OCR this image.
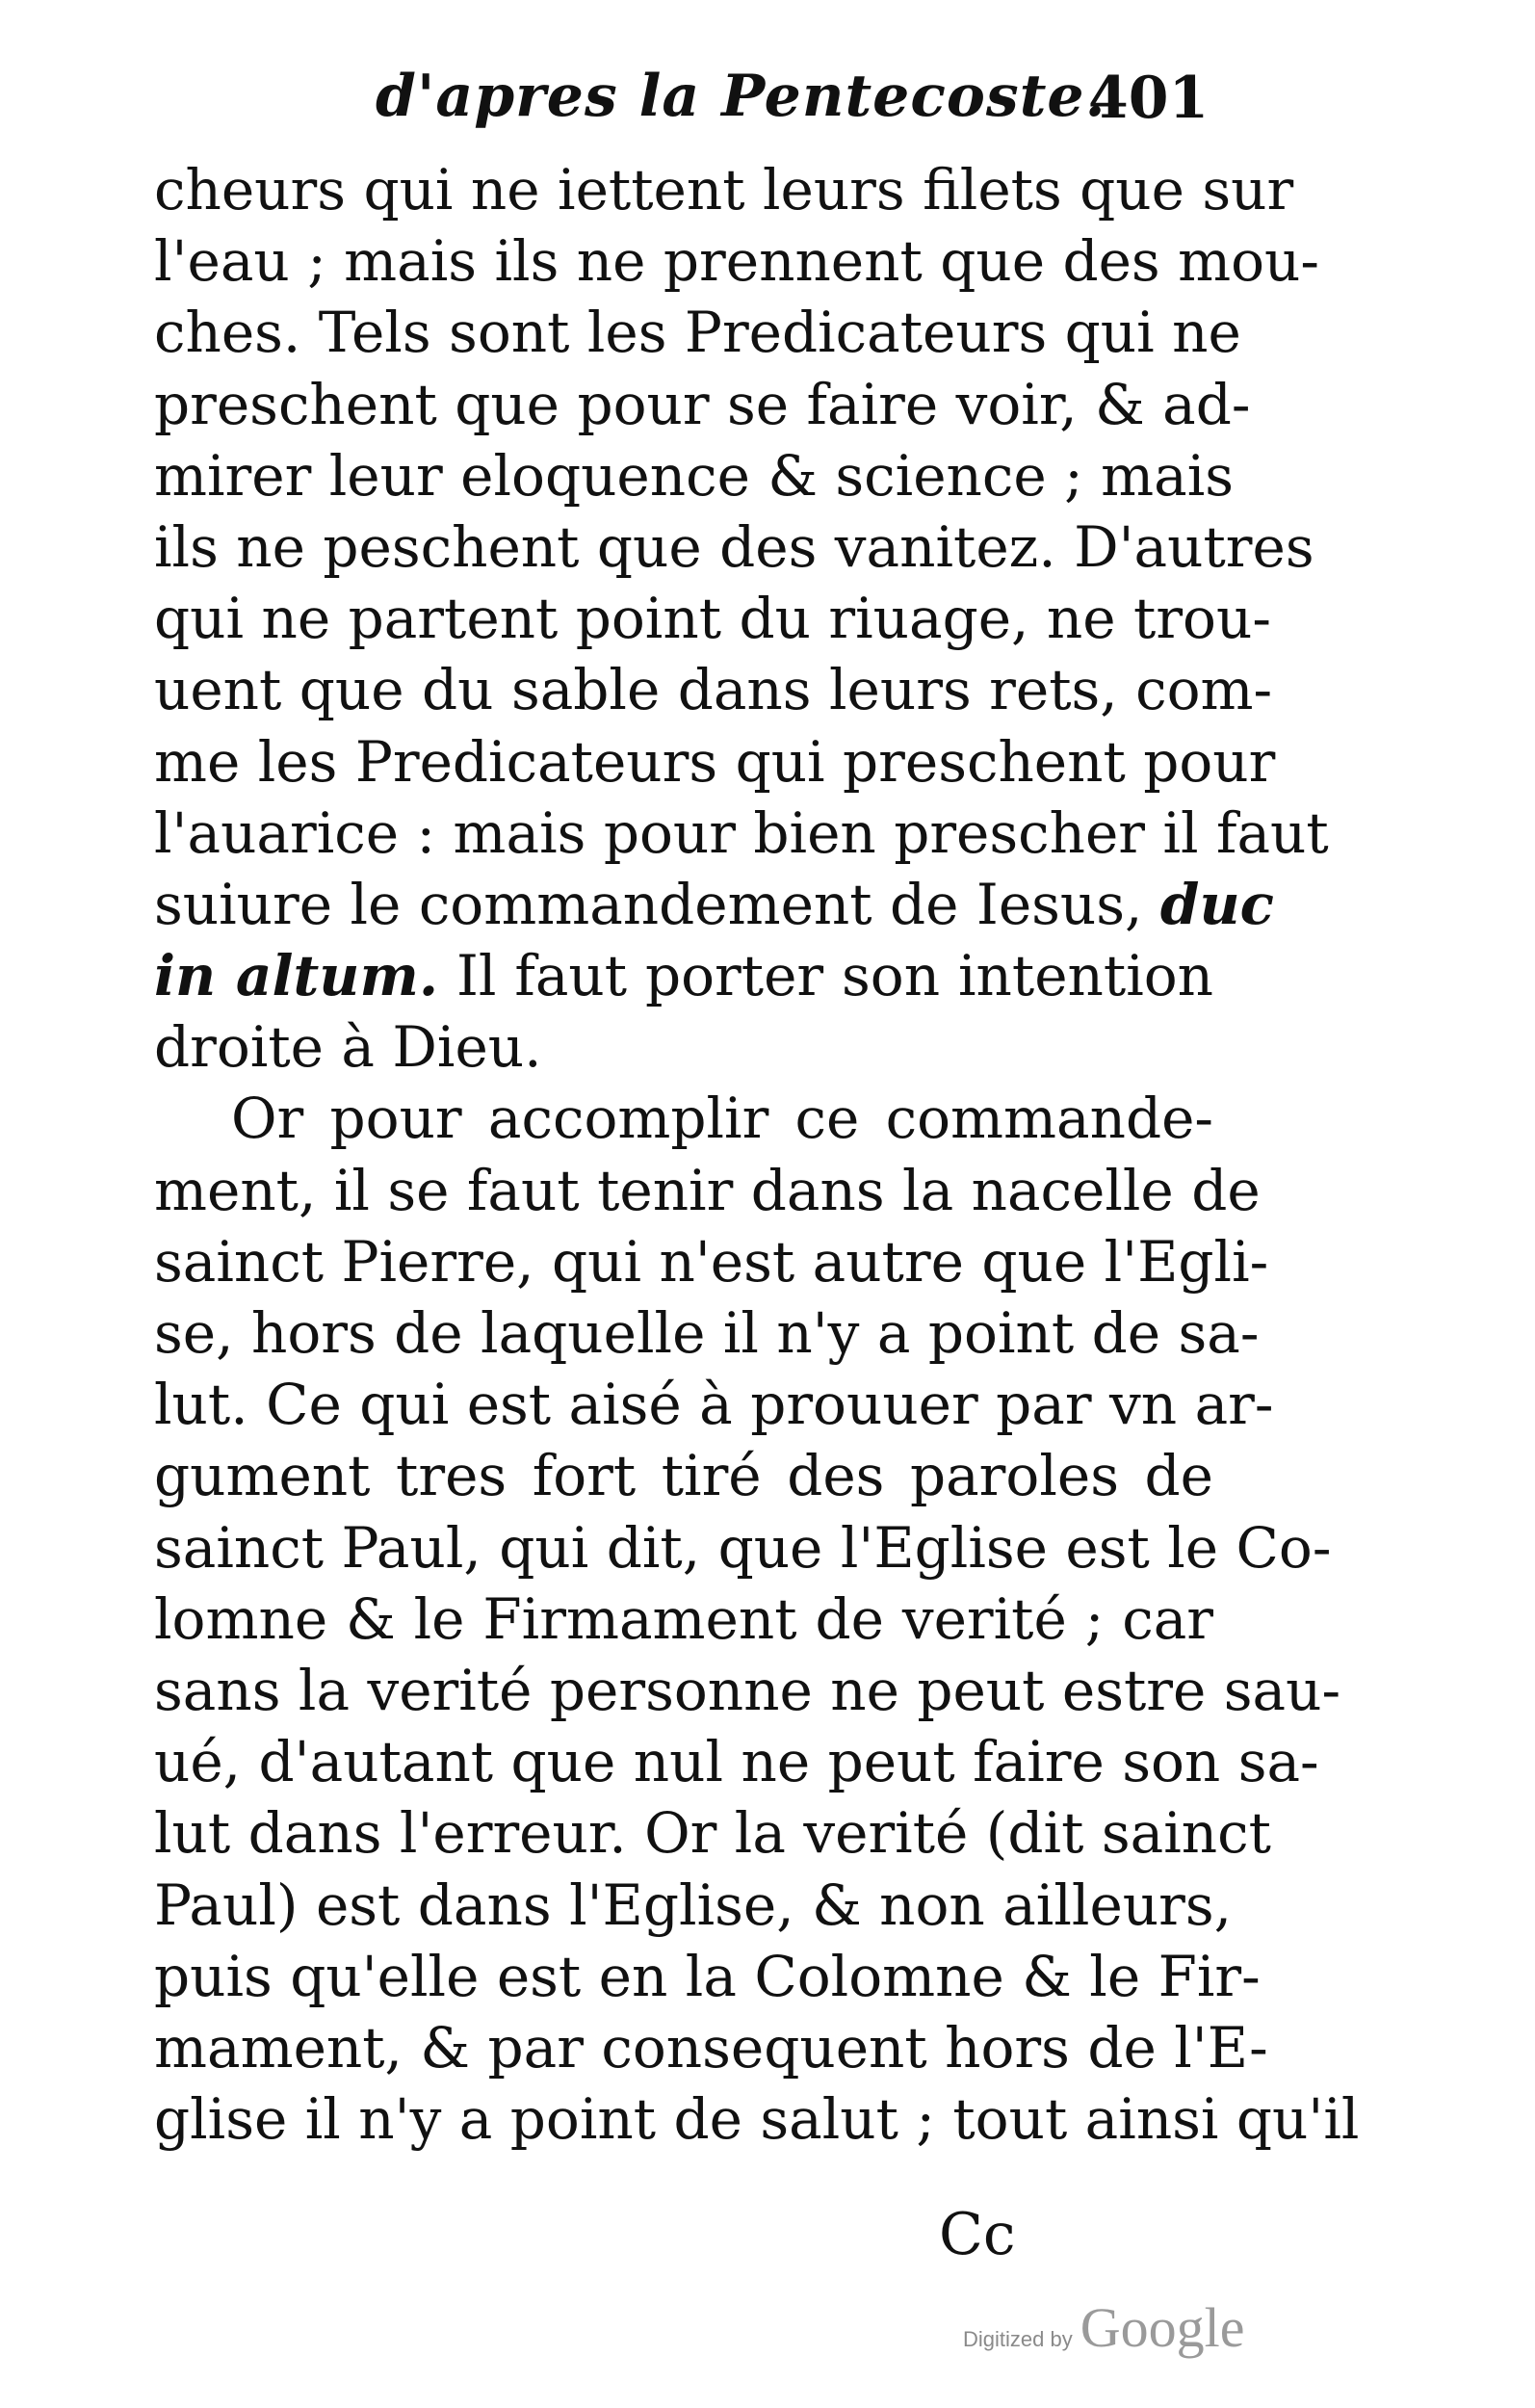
d'apres la Pentecoste.
401
cheurs qui ne iettent leurs filets que sur
l'eau ; mais ils ne prennent que des mou-
ches. Tels sont les Predicateurs qui ne
preschent que pour se faire voir, & ad-
mirer leur eloquence & science ; mais
ils ne peschent que des vanitez. D'autres
qui ne partent point du riuage, ne trou-
uent que du sable dans leurs rets, com-
me les Predicateurs qui preschent pour
l'auarice : mais pour bien prescher il faut
suiure le commandement de Iesus, duc
in altum. Il faut porter son intention
droite à Dieu.
Or pour accomplir ce commande-
ment, il se faut tenir dans la nacelle de
sainct Pierre, qui n'est autre que l'Egli-
se, hors de laquelle il n'y a point de sa-
lut. Ce qui est aisé à prouuer par vn ar-
gument tres fort tiré des paroles de
sainct Paul, qui dit, que l'Eglise est le Co-
lomne & le Firmament de verité ; car
sans la verité personne ne peut estre sau-
ué, d'autant que nul ne peut faire son sa-
lut dans l'erreur. Or la verité (dit sainct
Paul) est dans l'Eglise, & non ailleurs,
puis qu'elle est en la Colomne & le Fir-
mament, & par consequent hors de l'E-
glise il n'y a point de salut ; tout ainsi qu'il
Cc
Digitized by Google
